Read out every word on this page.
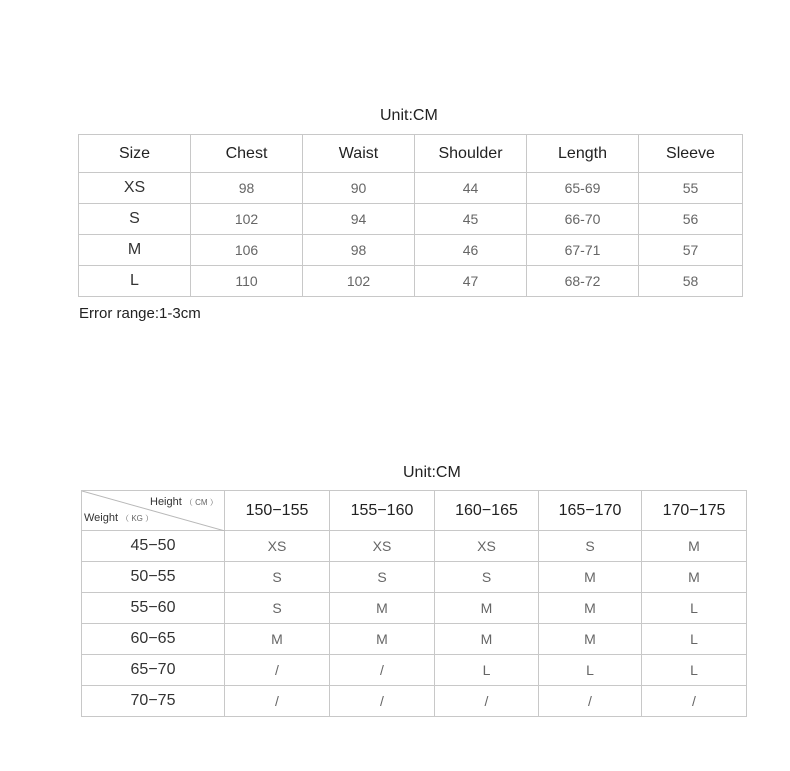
Unit:CM
Size	Chest	Waist	Shoulder	Length	Sleeve
XS	98	90	44	65-69	55
S	102	94	45	66-70	56
M	106	98	46	67-71	57
L	110	102	47	68-72	58
Error range:1-3cm
Unit:CM
Height （ CM ）
Weight （ KG ）	150−155	155−160	160−165	165−170	170−175
45−50	XS	XS	XS	S	M
50−55	S	S	S	M	M
55−60	S	M	M	M	L
60−65	M	M	M	M	L
65−70	/	/	L	L	L
70−75	/	/	/	/	/
